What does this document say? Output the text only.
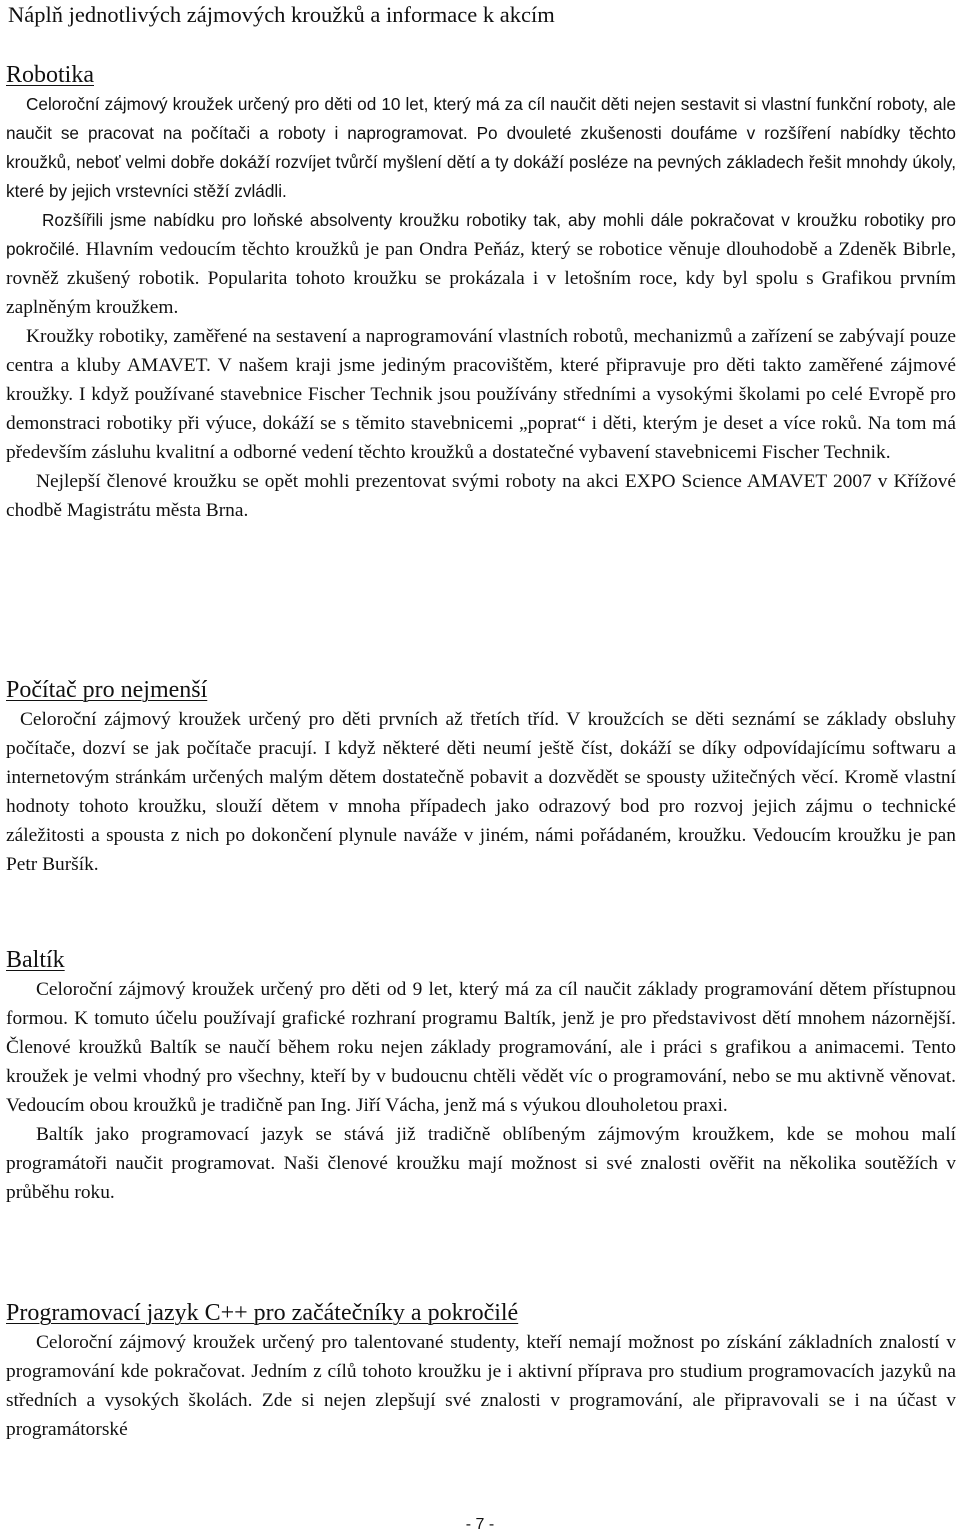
Náplň jednotlivých zájmových kroužků a informace k akcím
Robotika

Celoroční zájmový kroužek určený pro děti od 10 let, který má za cíl naučit děti nejen sestavit si vlastní funkční roboty, ale naučit se pracovat na počítači a roboty i naprogramovat. Po dvouleté zkušenosti doufáme v rozšíření nabídky těchto kroužků, neboť velmi dobře dokáží rozvíjet tvůrčí myšlení dětí a ty dokáží posléze na pevných základech řešit mnohdy úkoly, které by jejich vrstevníci stěží zvládli.

Rozšířili jsme nabídku pro loňské absolventy kroužku robotiky tak, aby mohli dále pokračovat v kroužku robotiky pro pokročilé. Hlavním vedoucím těchto kroužků je pan Ondra Peňáz, který se robotice věnuje dlouhodobě a Zdeněk Bibrle, rovněž zkušený robotik. Popularita tohoto kroužku se prokázala i v letošním roce, kdy byl spolu s Grafikou prvním zaplněným kroužkem.

Kroužky robotiky, zaměřené na sestavení a naprogramování vlastních robotů, mechanizmů a zařízení se zabývají pouze centra a kluby AMAVET. V našem kraji jsme jediným pracovištěm, které připravuje pro děti takto zaměřené zájmové kroužky. I když používané stavebnice Fischer Technik jsou používány středními a vysokými školami po celé Evropě pro demonstraci robotiky při výuce, dokáží se s těmito stavebnicemi „poprat“ i děti, kterým je deset a více roků. Na tom má především zásluhu kvalitní a odborné vedení těchto kroužků a dostatečné vybavení stavebnicemi Fischer Technik.

Nejlepší členové kroužku se opět mohli prezentovat svými roboty na akci EXPO Science AMAVET 2007 v Křížové chodbě Magistrátu města Brna.

Počítač pro nejmenší

Celoroční zájmový kroužek určený pro děti prvních až třetích tříd. V kroužcích se děti seznámí se základy obsluhy počítače, dozví se jak počítače pracují. I když některé děti neumí ještě číst, dokáží se díky odpovídajícímu softwaru a internetovým stránkám určených malým dětem dostatečně pobavit a dozvědět se spousty užitečných věcí. Kromě vlastní hodnoty tohoto kroužku, slouží dětem v mnoha případech jako odrazový bod pro rozvoj jejich zájmu o technické záležitosti a spousta z nich po dokončení plynule naváže v jiném, námi pořádaném, kroužku. Vedoucím kroužku je pan Petr Buršík.

Baltík

Celoroční zájmový kroužek určený pro děti od 9 let, který má za cíl naučit základy programování dětem přístupnou formou. K tomuto účelu používají grafické rozhraní programu Baltík, jenž je pro představivost dětí mnohem názornější. Členové kroužků Baltík se naučí během roku nejen základy programování, ale i práci s grafikou a animacemi. Tento kroužek je velmi vhodný pro všechny, kteří by v budoucnu chtěli vědět víc o programování, nebo se mu aktivně věnovat. Vedoucím obou kroužků je tradičně pan Ing. Jiří Vácha, jenž má s výukou dlouholetou praxi.

Baltík jako programovací jazyk se stává již tradičně oblíbeným zájmovým kroužkem, kde se mohou malí programátoři naučit programovat. Naši členové kroužku mají možnost si své znalosti ověřit na několika soutěžích v průběhu roku.

Programovací jazyk C++ pro začátečníky a pokročilé

Celoroční zájmový kroužek určený pro talentované studenty, kteří nemají možnost po získání základních znalostí v programování kde pokračovat. Jedním z cílů tohoto kroužku je i aktivní příprava pro studium programovacích jazyků na středních a vysokých školách. Zde si nejen zlepšují své znalosti v programování, ale připravovali se i na účast v programátorské

- 7 -
